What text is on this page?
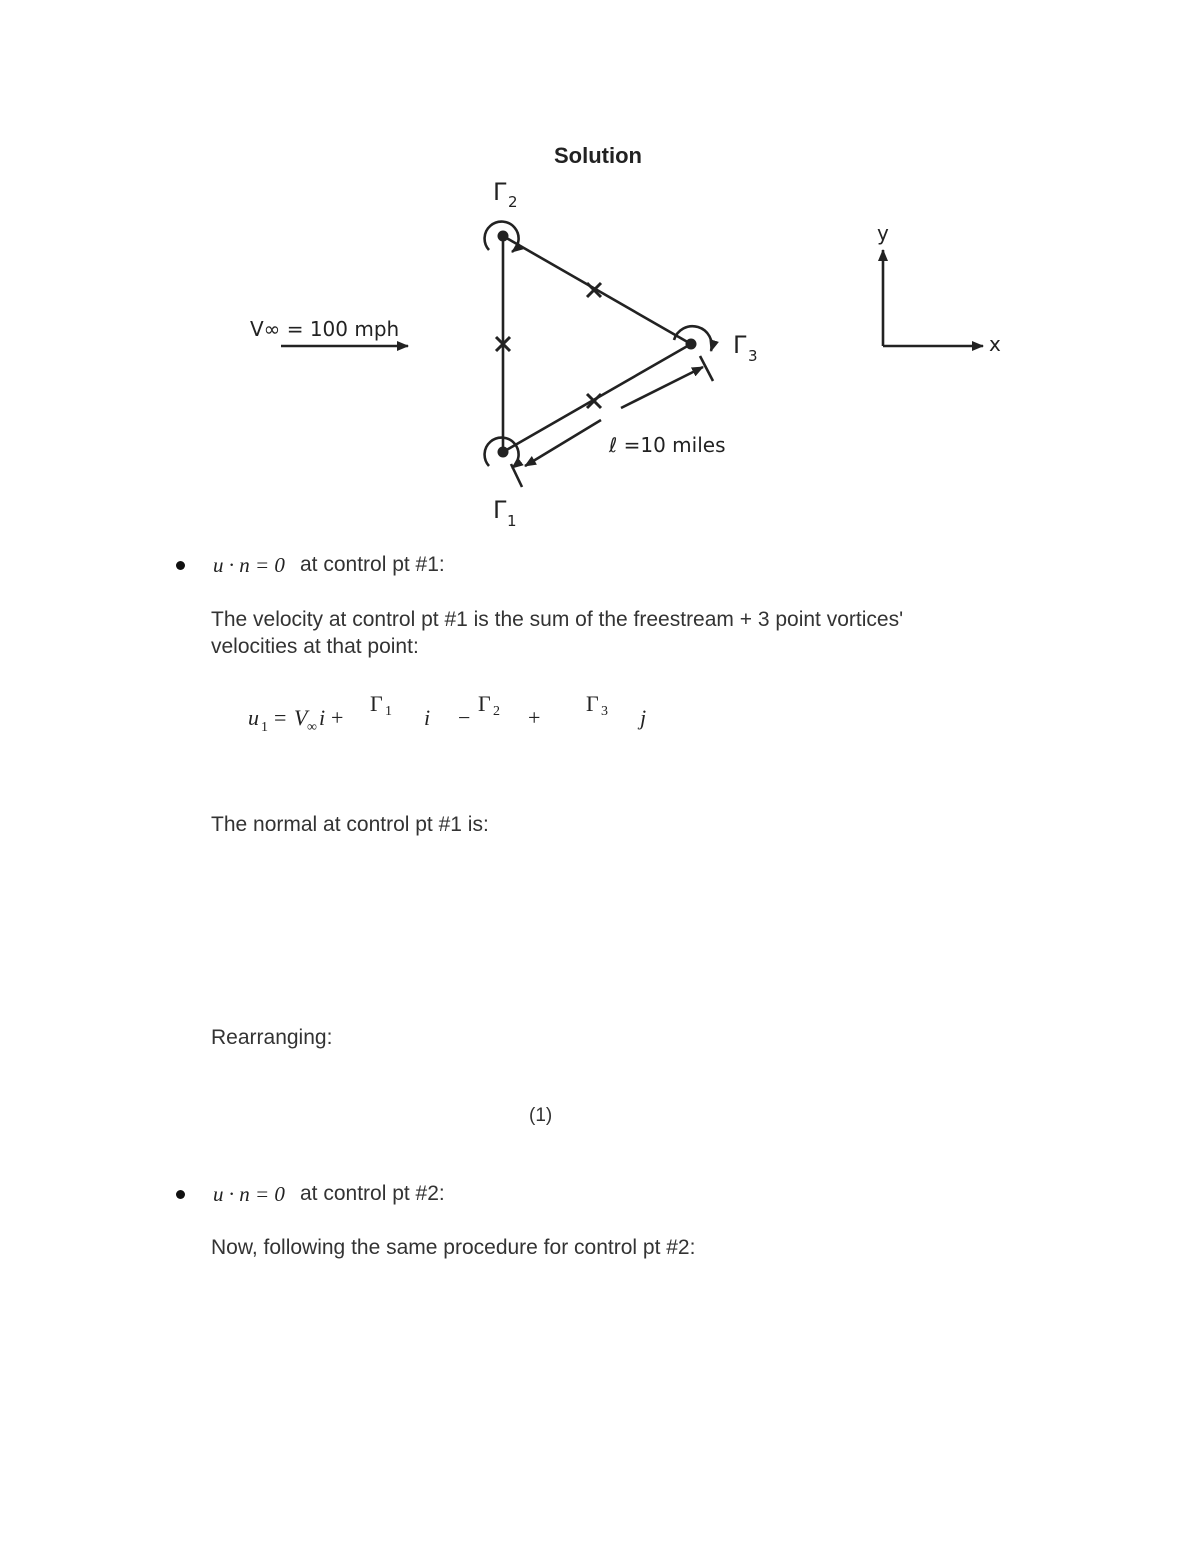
Solution
Γ 2
Γ 3
Γ 1
ℓ =10 miles
V∞ = 100 mph
y
x
u · n = 0 at control pt #1:
The velocity at control pt #1 is the sum of the freestream + 3 point vortices'
velocities at that point:
u 1 = V ∞ i +
Γ 1	−
Γ 2 +
Γ 3
i	j
The normal at control pt #1 is:
Rearranging:
(1)
u · n = 0 at control pt #2:
Now, following the same procedure for control pt #2:
